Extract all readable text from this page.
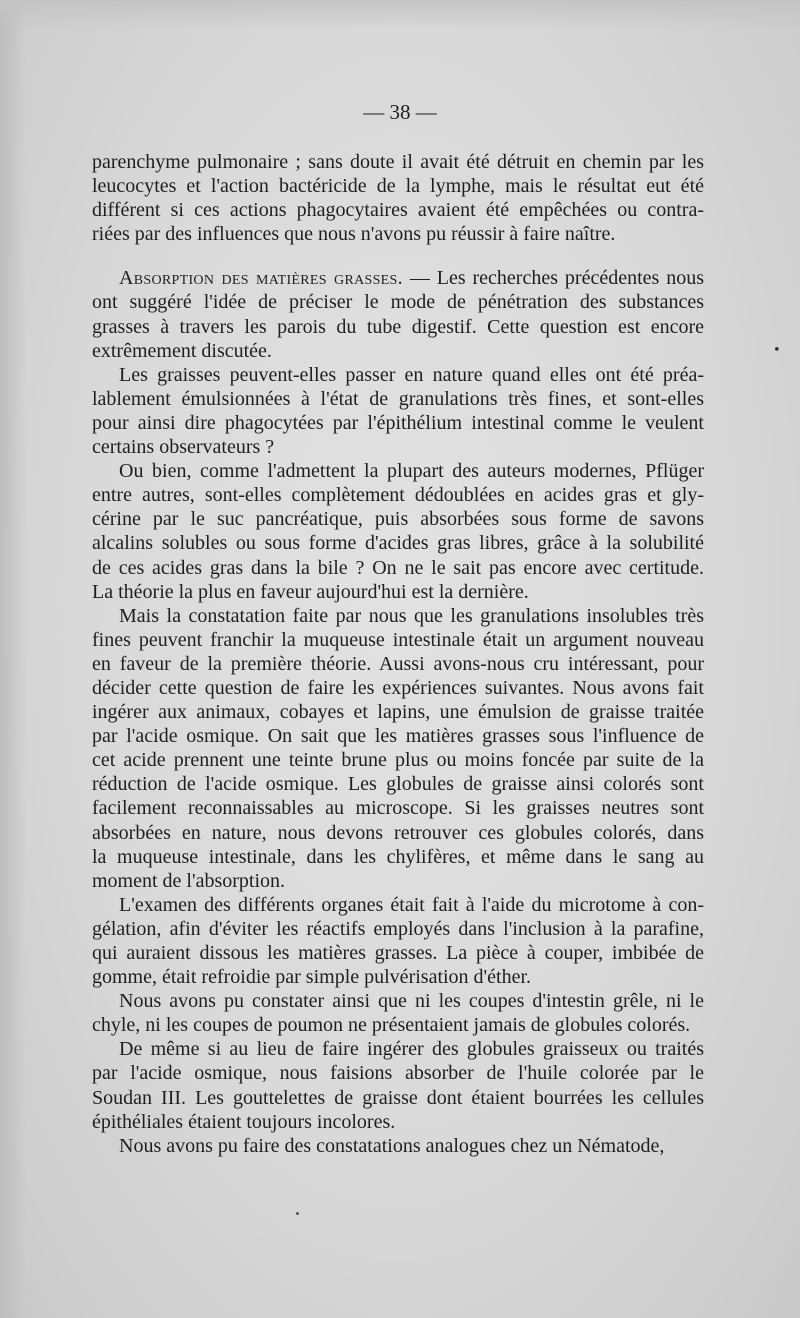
— 38 —

parenchyme pulmonaire ; sans doute il avait été détruit en chemin par les

leucocytes et l'action bactéricide de la lymphe, mais le résultat eut été

différent si ces actions phagocytaires avaient été empêchées ou contra-

riées par des influences que nous n'avons pu réussir à faire naître.

Absorption des matières grasses. — Les recherches précédentes nous

ont suggéré l'idée de préciser le mode de pénétration des substances

grasses à travers les parois du tube digestif. Cette question est encore

extrêmement discutée.

Les graisses peuvent-elles passer en nature quand elles ont été préa-

lablement émulsionnées à l'état de granulations très fines, et sont-elles

pour ainsi dire phagocytées par l'épithélium intestinal comme le veulent

certains observateurs ?

Ou bien, comme l'admettent la plupart des auteurs modernes, Pflüger

entre autres, sont-elles complètement dédoublées en acides gras et gly-

cérine par le suc pancréatique, puis absorbées sous forme de savons

alcalins solubles ou sous forme d'acides gras libres, grâce à la solubilité

de ces acides gras dans la bile ? On ne le sait pas encore avec certitude.

La théorie la plus en faveur aujourd'hui est la dernière.

Mais la constatation faite par nous que les granulations insolubles très

fines peuvent franchir la muqueuse intestinale était un argument nouveau

en faveur de la première théorie. Aussi avons-nous cru intéressant, pour

décider cette question de faire les expériences suivantes. Nous avons fait

ingérer aux animaux, cobayes et lapins, une émulsion de graisse traitée

par l'acide osmique. On sait que les matières grasses sous l'influence de

cet acide prennent une teinte brune plus ou moins foncée par suite de la

réduction de l'acide osmique. Les globules de graisse ainsi colorés sont

facilement reconnaissables au microscope. Si les graisses neutres sont

absorbées en nature, nous devons retrouver ces globules colorés, dans

la muqueuse intestinale, dans les chylifères, et même dans le sang au

moment de l'absorption.

L'examen des différents organes était fait à l'aide du microtome à con-

gélation, afin d'éviter les réactifs employés dans l'inclusion à la parafine,

qui auraient dissous les matières grasses. La pièce à couper, imbibée de

gomme, était refroidie par simple pulvérisation d'éther.

Nous avons pu constater ainsi que ni les coupes d'intestin grêle, ni le

chyle, ni les coupes de poumon ne présentaient jamais de globules colorés.

De même si au lieu de faire ingérer des globules graisseux ou traités

par l'acide osmique, nous faisions absorber de l'huile colorée par le

Soudan III. Les gouttelettes de graisse dont étaient bourrées les cellules

épithéliales étaient toujours incolores.

Nous avons pu faire des constatations analogues chez un Nématode,

•
